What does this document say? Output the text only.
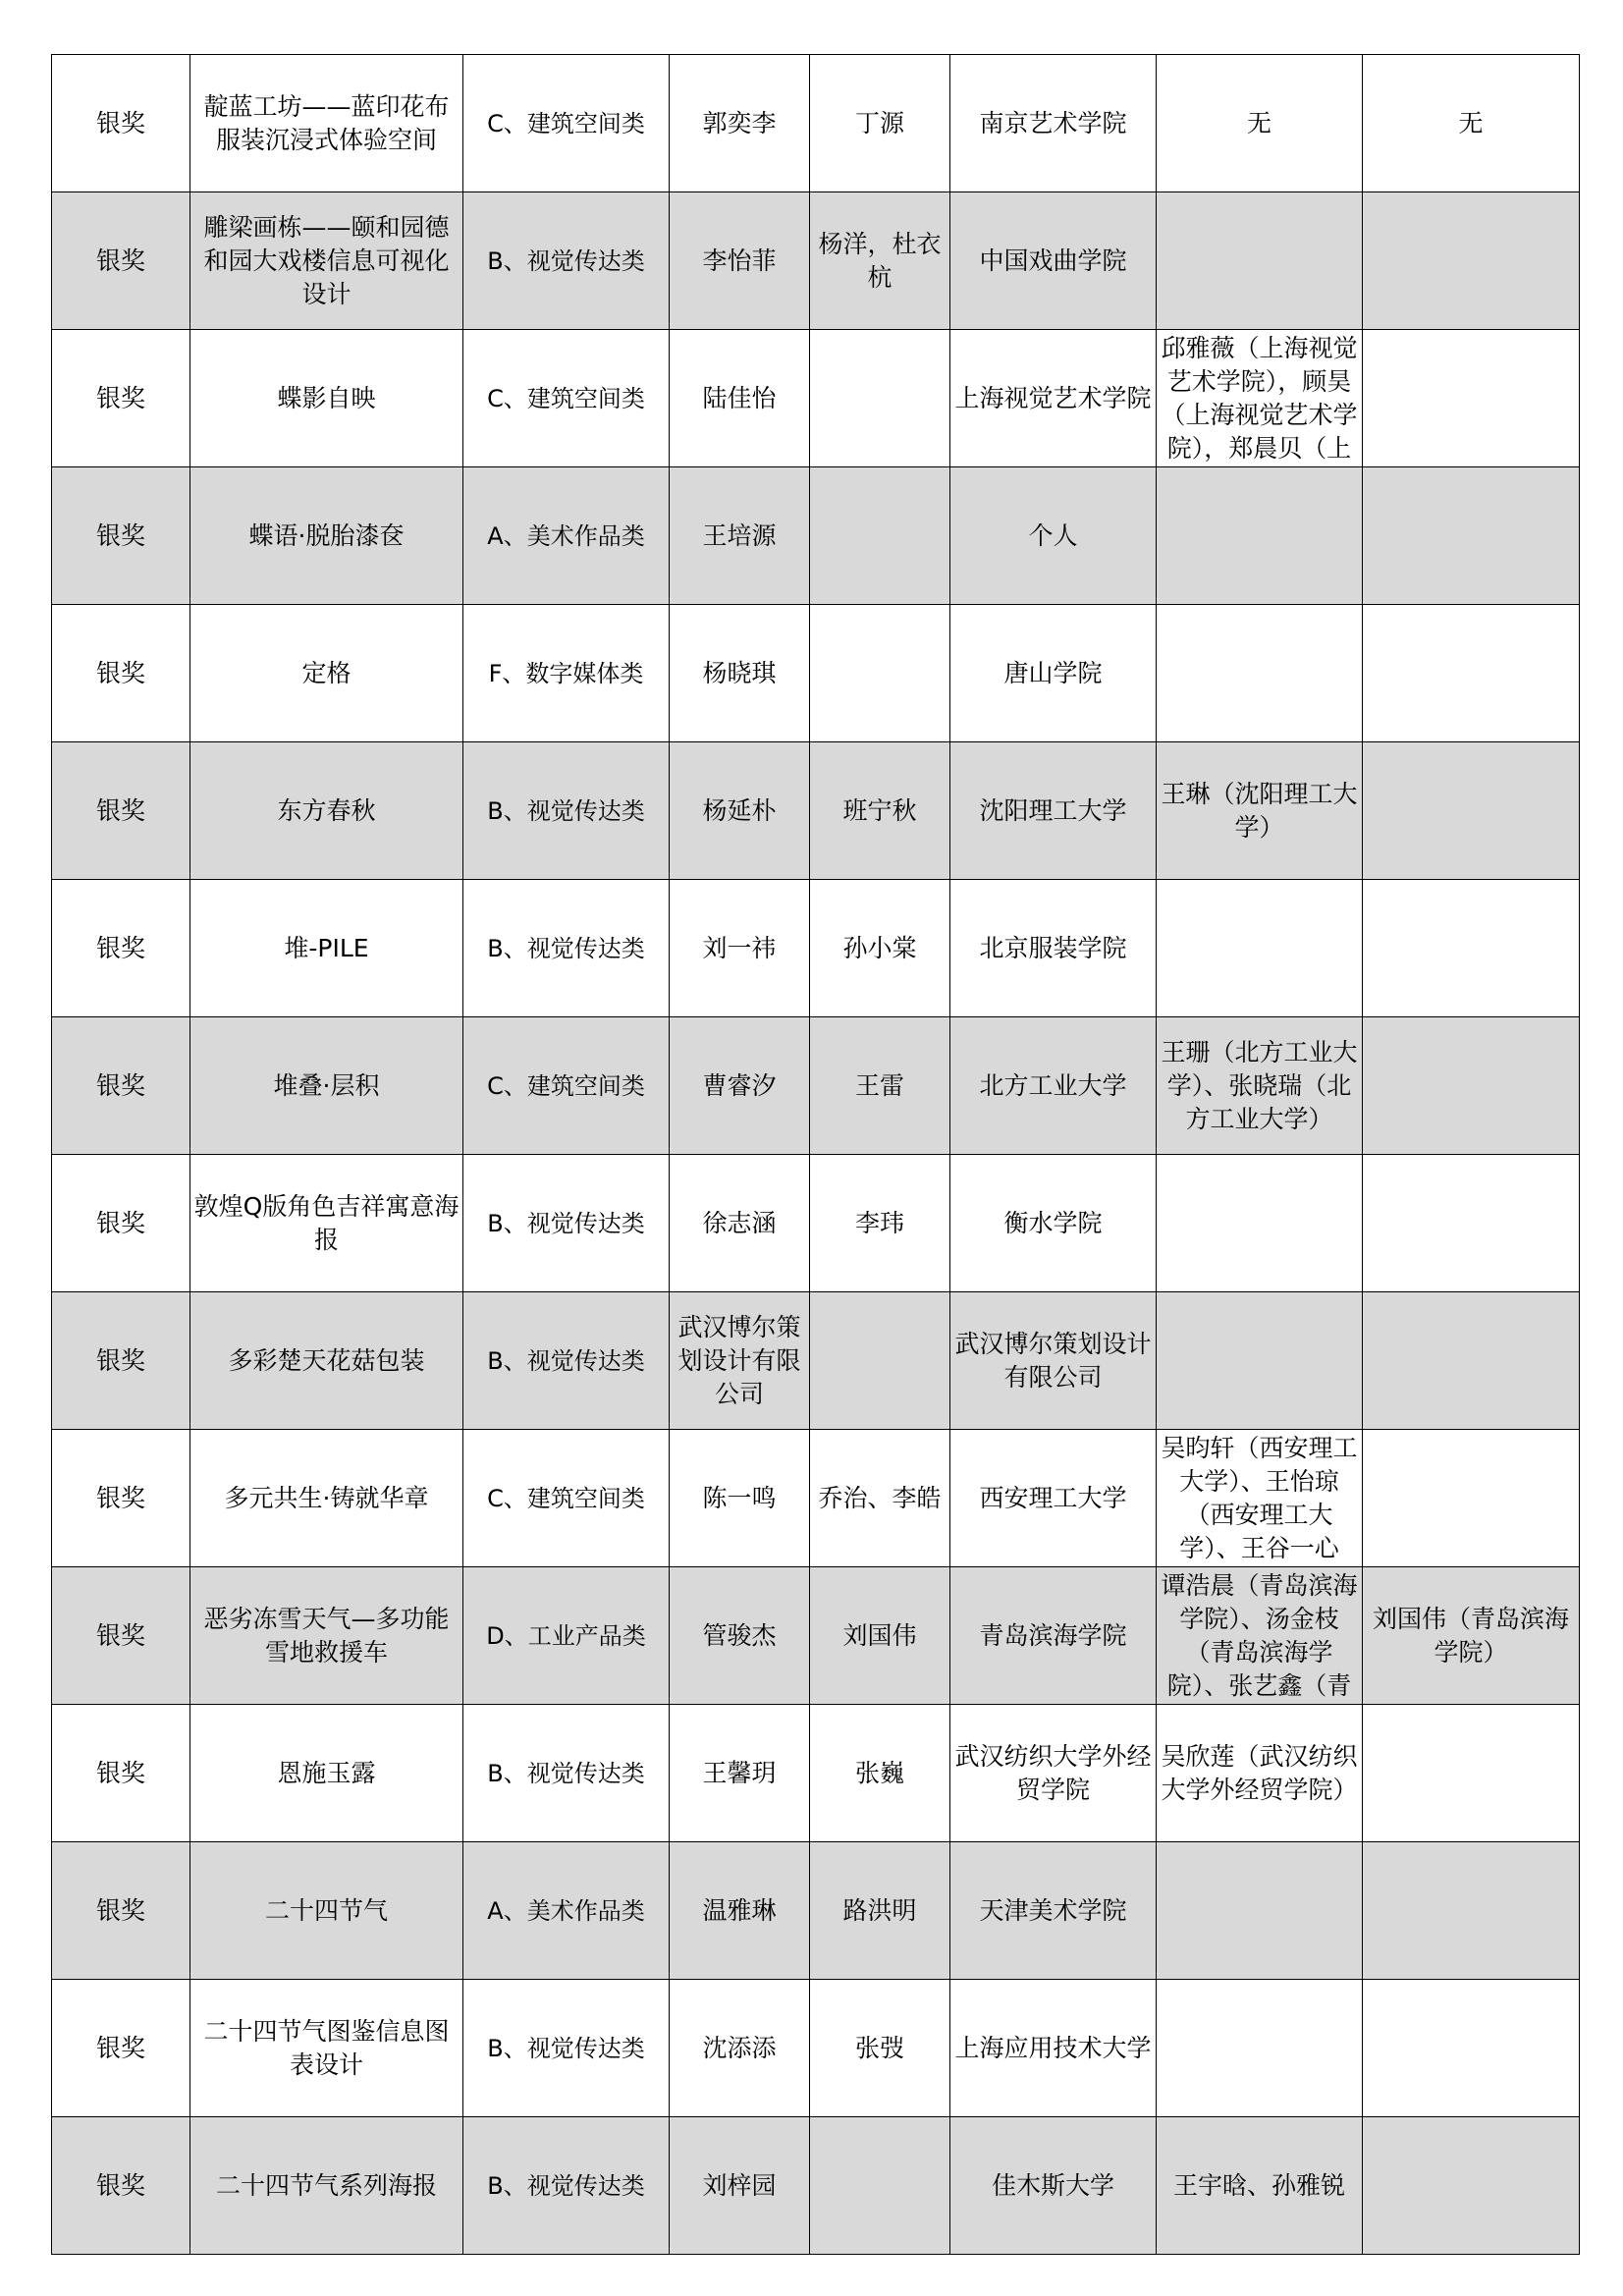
银奖	靛蓝工坊——蓝印花布服装沉浸式体验空间	C、建筑空间类	郭奕李	丁源	南京艺术学院	无	无

银奖	雕梁画栋——颐和园德和园大戏楼信息可视化设计	B、视觉传达类	李怡菲	杨洋，杜衣杭	中国戏曲学院		

银奖	蝶影自映	C、建筑空间类	陆佳怡		上海视觉艺术学院	邱雅薇（上海视觉艺术学院），顾昊（上海视觉艺术学院），郑晨贝（上	

银奖	蝶语·脱胎漆奁	A、美术作品类	王培源		个人		

银奖	定格	F、数字媒体类	杨晓琪		唐山学院		

银奖	东方春秋	B、视觉传达类	杨延朴	班宁秋	沈阳理工大学	王琳（沈阳理工大学）	

银奖	堆-PILE	B、视觉传达类	刘一祎	孙小棠	北京服装学院		

银奖	堆叠·层积	C、建筑空间类	曹睿汐	王雷	北方工业大学	王珊（北方工业大学）、张晓瑞（北方工业大学）	

银奖	敦煌Q版角色吉祥寓意海报	B、视觉传达类	徐志涵	李玮	衡水学院		

银奖	多彩楚天花菇包装	B、视觉传达类	武汉博尔策划设计有限公司		武汉博尔策划设计有限公司		

银奖	多元共生·铸就华章	C、建筑空间类	陈一鸣	乔治、李皓	西安理工大学	吴昀轩（西安理工大学）、王怡琼（西安理工大学）、王谷一心	

银奖	恶劣冻雪天气—多功能雪地救援车	D、工业产品类	管骏杰	刘国伟	青岛滨海学院	谭浩晨（青岛滨海学院）、汤金枝（青岛滨海学院）、张艺鑫（青	刘国伟（青岛滨海学院）

银奖	恩施玉露	B、视觉传达类	王馨玥	张巍	武汉纺织大学外经贸学院	吴欣莲（武汉纺织大学外经贸学院）	

银奖	二十四节气	A、美术作品类	温雅琳	路洪明	天津美术学院		

银奖	二十四节气图鉴信息图表设计	B、视觉传达类	沈添添	张弢	上海应用技术大学		

银奖	二十四节气系列海报	B、视觉传达类	刘梓园		佳木斯大学	王宇晗、孙雅锐	
